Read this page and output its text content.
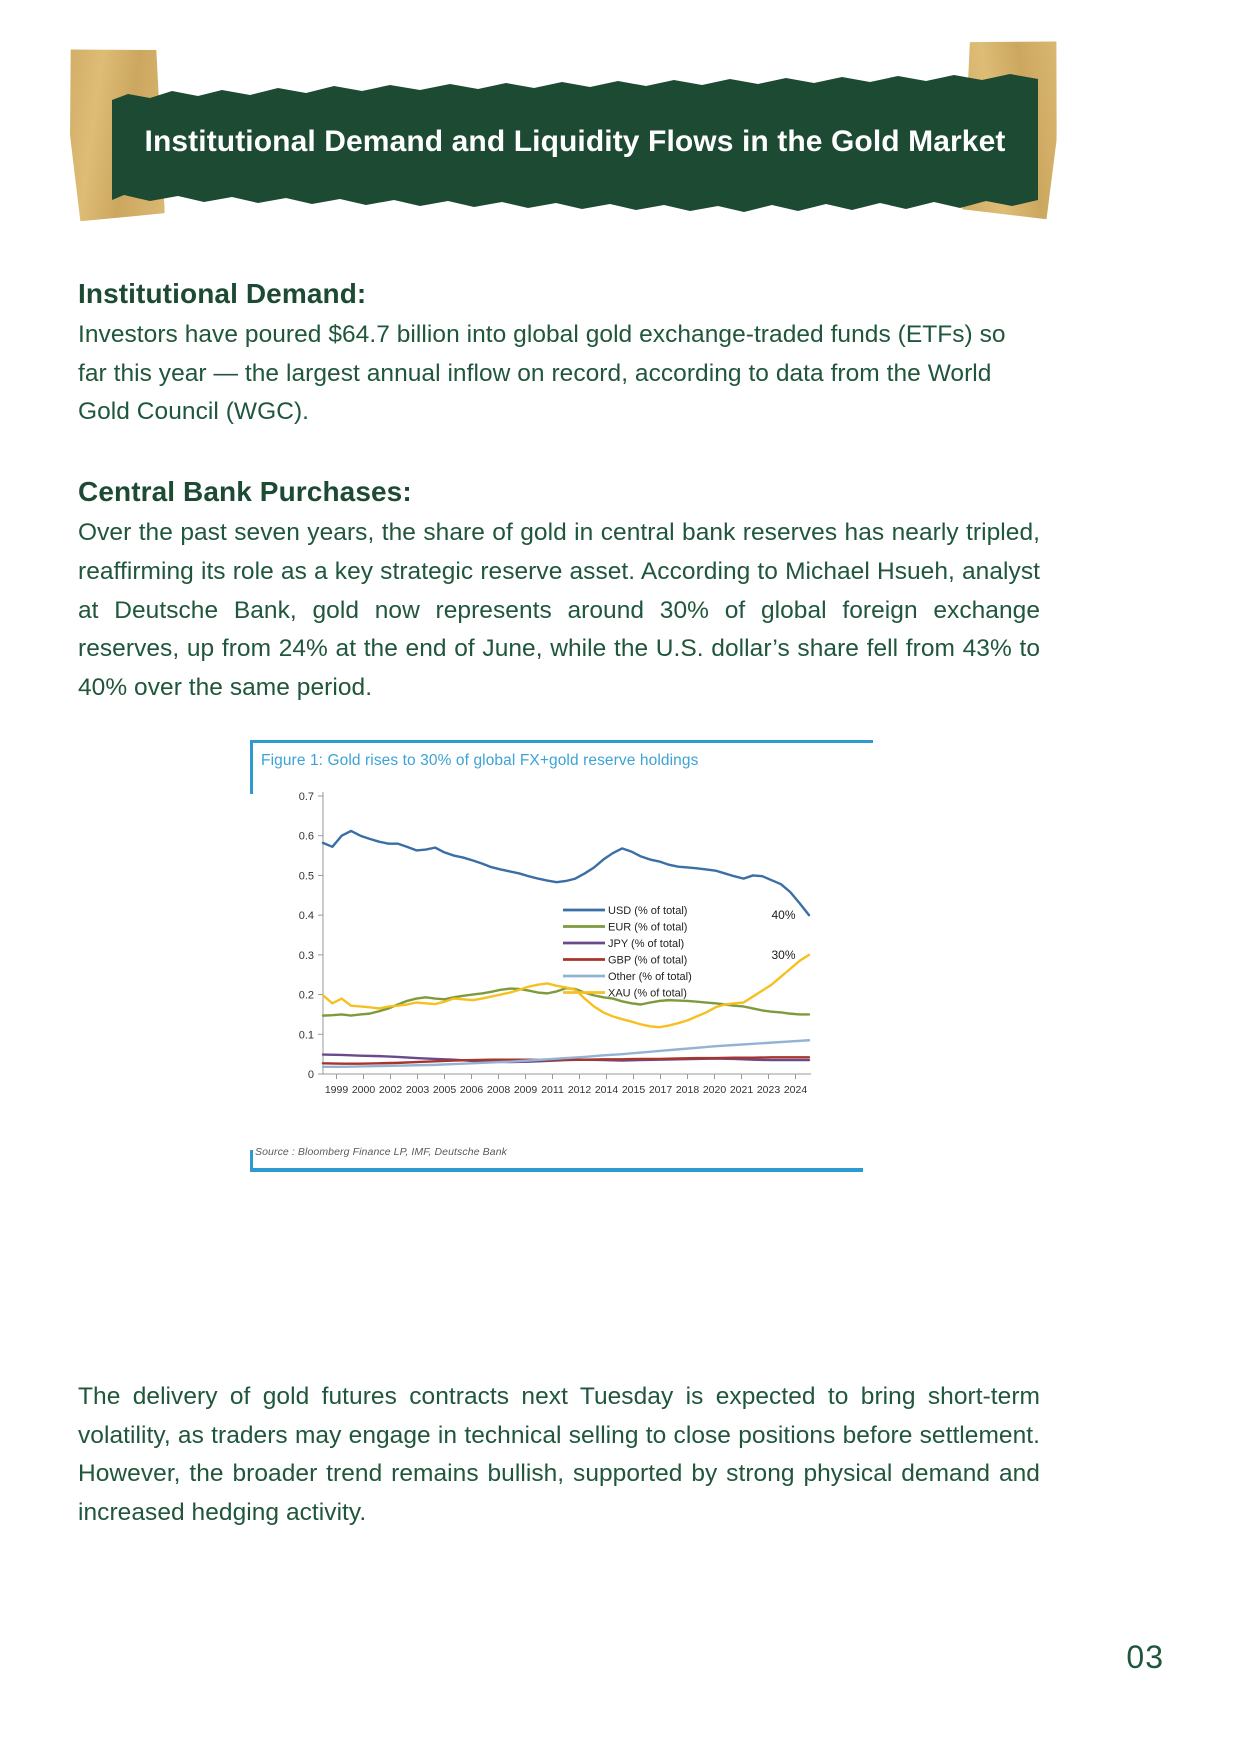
Institutional Demand and Liquidity Flows in the Gold Market
Institutional Demand:

Investors have poured $64.7 billion into global gold exchange-traded funds (ETFs) so far this year — the largest annual inflow on record, according to data from the World Gold Council (WGC).

Central Bank Purchases:

Over the past seven years, the share of gold in central bank reserves has nearly tripled, reaffirming its role as a key strategic reserve asset. According to Michael Hsueh, analyst at Deutsche Bank, gold now represents around 30% of global foreign exchange reserves, up from 24% at the end of June, while the U.S. dollar’s share fell from 43% to 40% over the same period.

Figure 1: Gold rises to 30% of global FX+gold reserve holdings
0
0.1
0.2
0.3
0.4
0.5
0.6
0.7
1999 2000 2002 2003 2005 2006 2008 2009 2011 2012 2014 2015 2017 2018 2020 2021 2023 2024
USD (% of total)
EUR (% of total)
JPY (% of total)
GBP (% of total)
Other (% of total)
XAU (% of total)
40%
30%
Source : Bloomberg Finance LP, IMF, Deutsche Bank

The delivery of gold futures contracts next Tuesday is expected to bring short-term volatility, as traders may engage in technical selling to close positions before settlement. However, the broader trend remains bullish, supported by strong physical demand and increased hedging activity.

03
